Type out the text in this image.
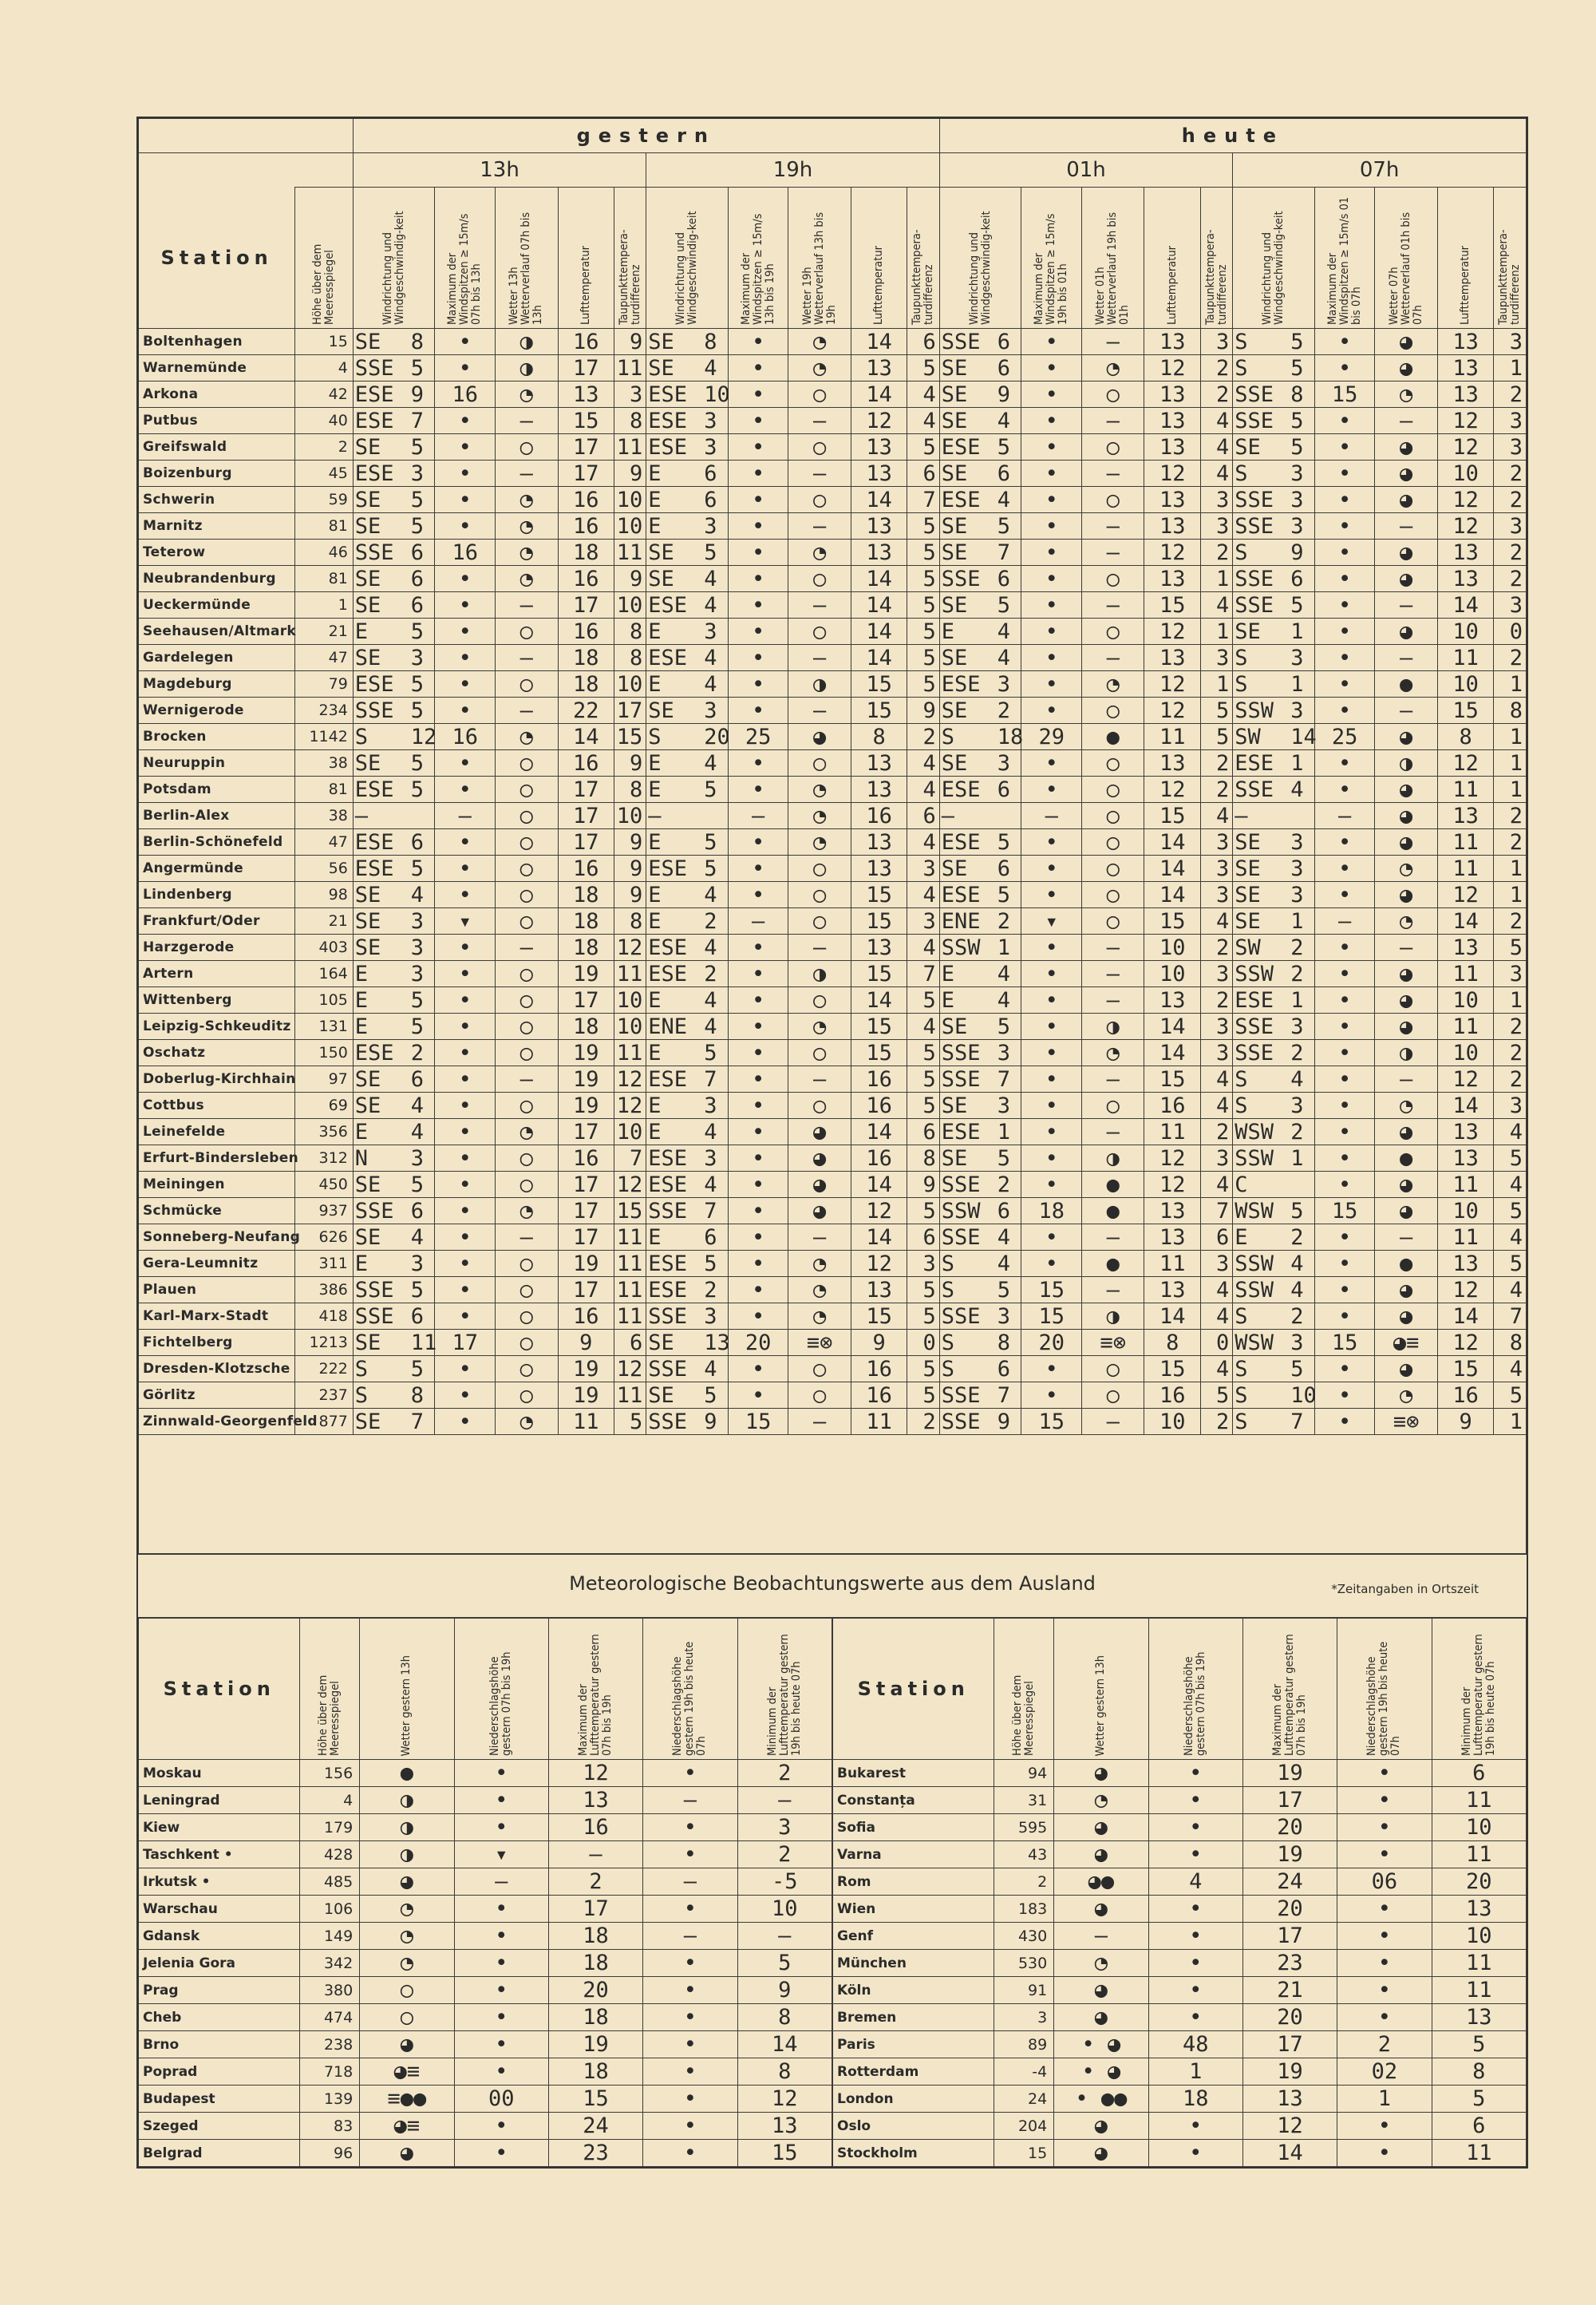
		gestern										heute									
		13h					19h					01h					07h				
Station	Höhe über dem Meeresspiegel	Windrichtung und Windgeschwindig-keit	Maximum der Windspitzen ≥ 15m/s 07h bis 13h	Wetter 13h Wetterverlauf 07h bis 13h	Lufttemperatur	Taupunkttempera-turdifferenz	Windrichtung und Windgeschwindig-keit	Maximum der Windspitzen ≥ 15m/s 13h bis 19h	Wetter 19h Wetterverlauf 13h bis 19h	Lufttemperatur	Taupunkttempera-turdifferenz	Windrichtung und Windgeschwindig-keit	Maximum der Windspitzen ≥ 15m/s 19h bis 01h	Wetter 01h Wetterverlauf 19h bis 01h	Lufttemperatur	Taupunkttempera-turdifferenz	Windrichtung und Windgeschwindig-keit	Maximum der Windspitzen ≥ 15m/s 01 bis 07h	Wetter 07h Wetterverlauf 01h bis 07h	Lufttemperatur	Taupunkttempera-turdifferenz

Boltenhagen	15	SE 8	•	◑	16	9	SE 8	•	◔	14	6	SSE 6	•	—	13	3	S 5	•	◕	13	3
Warnemünde	4	SSE 5	•	◑	17	11	SE 4	•	◔	13	5	SE 6	•	◔	12	2	S 5	•	◕	13	1
Arkona	42	ESE 9	16	◔	13	3	ESE 10	•	○	14	4	SE 9	•	○	13	2	SSE 8	15	◔	13	2
Putbus	40	ESE 7	•	—	15	8	ESE 3	•	—	12	4	SE 4	•	—	13	4	SSE 5	•	—	12	3
Greifswald	2	SE 5	•	○	17	11	ESE 3	•	○	13	5	ESE 5	•	○	13	4	SE 5	•	◕	12	3
Boizenburg	45	ESE 3	•	—	17	9	E 6	•	—	13	6	SE 6	•	—	12	4	S 3	•	◕	10	2
Schwerin	59	SE 5	•	◔	16	10	E 6	•	○	14	7	ESE 4	•	○	13	3	SSE 3	•	◕	12	2
Marnitz	81	SE 5	•	◔	16	10	E 3	•	—	13	5	SE 5	•	—	13	3	SSE 3	•	—	12	3
Teterow	46	SSE 6	16	◔	18	11	SE 5	•	◔	13	5	SE 7	•	—	12	2	S 9	•	◕	13	2
Neubrandenburg	81	SE 6	•	◔	16	9	SE 4	•	○	14	5	SSE 6	•	○	13	1	SSE 6	•	◕	13	2
Ueckermünde	1	SE 6	•	—	17	10	ESE 4	•	—	14	5	SE 5	•	—	15	4	SSE 5	•	—	14	3
Seehausen/Altmark	21	E 5	•	○	16	8	E 3	•	○	14	5	E 4	•	○	12	1	SE 1	•	◕	10	0
Gardelegen	47	SE 3	•	—	18	8	ESE 4	•	—	14	5	SE 4	•	—	13	3	S 3	•	—	11	2
Magdeburg	79	ESE 5	•	○	18	10	E 4	•	◑	15	5	ESE 3	•	◔	12	1	S 1	•	●	10	1
Wernigerode	234	SSE 5	•	—	22	17	SE 3	•	—	15	9	SE 2	•	○	12	5	SSW 3	•	—	15	8
Brocken	1142	S 12	16	◔	14	15	S 20	25	◕	8	2	S 18	29	●	11	5	SW 14	25	◕	8	1
Neuruppin	38	SE 5	•	○	16	9	E 4	•	○	13	4	SE 3	•	○	13	2	ESE 1	•	◑	12	1
Potsdam	81	ESE 5	•	○	17	8	E 5	•	◔	13	4	ESE 6	•	○	12	2	SSE 4	•	◕	11	1
Berlin-Alex	38	—	—	○	17	10	—	—	◔	16	6	—	—	○	15	4	—	—	◕	13	2
Berlin-Schönefeld	47	ESE 6	•	○	17	9	E 5	•	◔	13	4	ESE 5	•	○	14	3	SE 3	•	◕	11	2
Angermünde	56	ESE 5	•	○	16	9	ESE 5	•	○	13	3	SE 6	•	○	14	3	SE 3	•	◔	11	1
Lindenberg	98	SE 4	•	○	18	9	E 4	•	○	15	4	ESE 5	•	○	14	3	SE 3	•	◕	12	1
Frankfurt/Oder	21	SE 3	▾	○	18	8	E 2	—	○	15	3	ENE 2	▾	○	15	4	SE 1	—	◔	14	2
Harzgerode	403	SE 3	•	—	18	12	ESE 4	•	—	13	4	SSW 1	•	—	10	2	SW 2	•	—	13	5
Artern	164	E 3	•	○	19	11	ESE 2	•	◑	15	7	E 4	•	—	10	3	SSW 2	•	◕	11	3
Wittenberg	105	E 5	•	○	17	10	E 4	•	○	14	5	E 4	•	—	13	2	ESE 1	•	◕	10	1
Leipzig-Schkeuditz	131	E 5	•	○	18	10	ENE 4	•	◔	15	4	SE 5	•	◑	14	3	SSE 3	•	◕	11	2
Oschatz	150	ESE 2	•	○	19	11	E 5	•	○	15	5	SSE 3	•	◔	14	3	SSE 2	•	◑	10	2
Doberlug-Kirchhain	97	SE 6	•	—	19	12	ESE 7	•	—	16	5	SSE 7	•	—	15	4	S 4	•	—	12	2
Cottbus	69	SE 4	•	○	19	12	E 3	•	○	16	5	SE 3	•	○	16	4	S 3	•	◔	14	3
Leinefelde	356	E 4	•	◔	17	10	E 4	•	◕	14	6	ESE 1	•	—	11	2	WSW 2	•	◕	13	4
Erfurt-Bindersleben	312	N 3	•	○	16	7	ESE 3	•	◕	16	8	SE 5	•	◑	12	3	SSW 1	•	●	13	5
Meiningen	450	SE 5	•	○	17	12	ESE 4	•	◕	14	9	SSE 2	•	●	12	4	C	•	◕	11	4
Schmücke	937	SSE 6	•	◔	17	15	SSE 7	•	◕	12	5	SSW 6	18	●	13	7	WSW 5	15	◕	10	5
Sonneberg-Neufang	626	SE 4	•	—	17	11	E 6	•	—	14	6	SSE 4	•	—	13	6	E 2	•	—	11	4
Gera-Leumnitz	311	E 3	•	○	19	11	ESE 5	•	◔	12	3	S 4	•	●	11	3	SSW 4	•	●	13	5
Plauen	386	SSE 5	•	○	17	11	ESE 2	•	◔	13	5	S 5	15	—	13	4	SSW 4	•	◕	12	4
Karl-Marx-Stadt	418	SSE 6	•	○	16	11	SSE 3	•	◔	15	5	SSE 3	15	◑	14	4	S 2	•	◕	14	7
Fichtelberg	1213	SE 11	17	○	9	6	SE 13	20	≡⊗	9	0	S 8	20	≡⊗	8	0	WSW 3	15	◕≡	12	8
Dresden-Klotzsche	222	S 5	•	○	19	12	SSE 4	•	○	16	5	S 6	•	○	15	4	S 5	•	◕	15	4
Görlitz	237	S 8	•	○	19	11	SE 5	•	○	16	5	SSE 7	•	○	16	5	S 10	•	◔	16	5
Zinnwald-Georgenfeld	877	SE 7	•	◔	11	5	SSE 9	15	—	11	2	SSE 9	15	—	10	2	S 7	•	≡⊗	9	1

Meteorologische Beobachtungswerte aus dem Ausland	*Zeitangaben in Ortszeit
Station	Höhe über dem Meeresspiegel	Wetter gestern 13h	Niederschlagshöhe gestern 07h bis 19h	Maximum der Lufttemperatur gestern 07h bis 19h	Niederschlagshöhe gestern 19h bis heute 07h	Minimum der Lufttemperatur gestern 19h bis heute 07h

Moskau	156	●	•	12	•	2
Leningrad	4	◑	•	13	—	—
Kiew	179	◑	•	16	•	3
Taschkent •	428	◑	▾	—	•	2
Irkutsk •	485	◕	—	2	—	-5
Warschau	106	◔	•	17	•	10
Gdansk	149	◔	•	18	—	—
Jelenia Gora	342	◔	•	18	•	5
Prag	380	○	•	20	•	9
Cheb	474	○	•	18	•	8
Brno	238	◕	•	19	•	14
Poprad	718	◕≡	•	18	•	8
Budapest	139	≡●●	00	15	•	12
Szeged	83	◕≡	•	24	•	13
Belgrad	96	◕	•	23	•	15
Station	Höhe über dem Meeresspiegel	Wetter gestern 13h	Niederschlagshöhe gestern 07h bis 19h	Maximum der Lufttemperatur gestern 07h bis 19h	Niederschlagshöhe gestern 19h bis heute 07h	Minimum der Lufttemperatur gestern 19h bis heute 07h

Bukarest	94	◕	•	19	•	6
Constanța	31	◔	•	17	•	11
Sofia	595	◕	•	20	•	10
Varna	43	◕	•	19	•	11
Rom	2	◕●	4	24	06	20
Wien	183	◕	•	20	•	13
Genf	430	—	•	17	•	10
München	530	◔	•	23	•	11
Köln	91	◕	•	21	•	11
Bremen	3	◕	•	20	•	13
Paris	89	• ◕	48	17	2	5
Rotterdam	-4	• ◕	1	19	02	8
London	24	• ●●	18	13	1	5
Oslo	204	◕	•	12	•	6
Stockholm	15	◕	•	14	•	11
